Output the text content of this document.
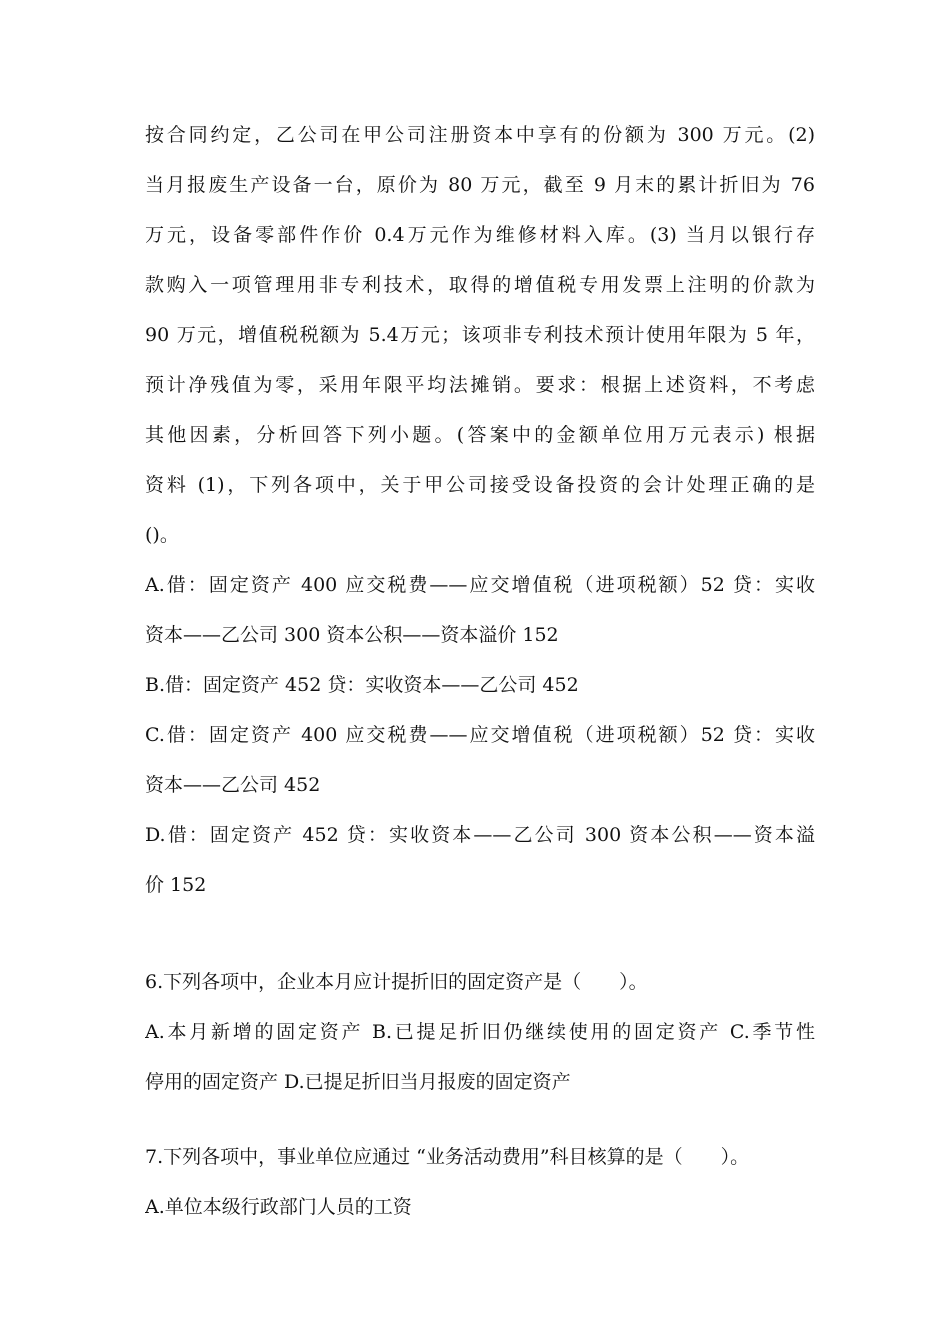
按合同约定，乙公司在甲公司注册资本中享有的份额为 300 万元。(2)
当月报废生产设备一台，原价为 80 万元，截至 9 月末的累计折旧为 76
万元，设备零部件作价 0.4万元作为维修材料入库。(3) 当月以银行存
款购入一项管理用非专利技术，取得的增值税专用发票上注明的价款为
90 万元，增值税税额为 5.4万元；该项非专利技术预计使用年限为 5 年，
预计净残值为零，采用年限平均法摊销。要求：根据上述资料，不考虑
其他因素，分析回答下列小题。(答案中的金额单位用万元表示) 根据
资料 (1)，下列各项中，关于甲公司接受设备投资的会计处理正确的是
()。
A.借：固定资产 400 应交税费——应交增值税（进项税额）52 贷：实收
资本——乙公司 300 资本公积——资本溢价 152
B.借：固定资产 452 贷：实收资本——乙公司 452
C.借：固定资产 400 应交税费——应交增值税（进项税额）52 贷：实收
资本——乙公司 452
D.借：固定资产 452 贷：实收资本——乙公司 300 资本公积——资本溢
价 152
6.下列各项中，企业本月应计提折旧的固定资产是（　　）。
A.本月新增的固定资产 B.已提足折旧仍继续使用的固定资产 C.季节性
停用的固定资产 D.已提足折旧当月报废的固定资产
7.下列各项中，事业单位应通过 “业务活动费用”科目核算的是（　　）。
A.单位本级行政部门人员的工资
